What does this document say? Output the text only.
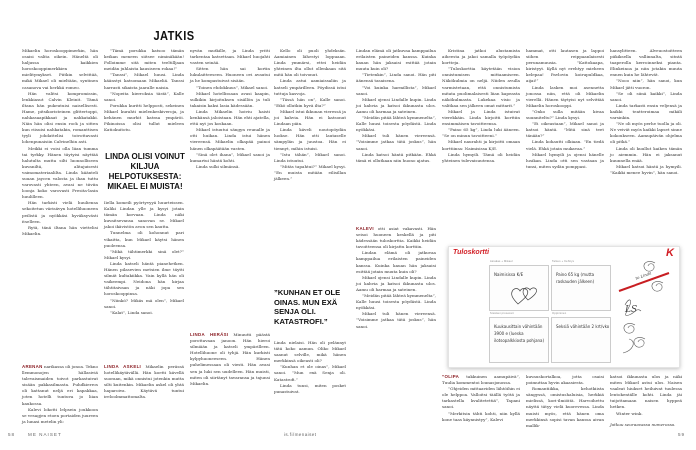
JATKIS

Mikaelin horoskooppimerkin, hän osaisi valita oikein. Häneltä oli haljussa kaikkien horoskooppimerkkien mielitymykset. Piitkin selvittää, mikä Mikael oli mieltään, syntinen casanova vai herkkä romeo.

Hän valitsi kompromissin, lenkkiasut Calvin Kleinit. Tämä iltana hän pukeutuisi naisellisesti. Hame, pitsikoristeinen glittertoppi, nahkasaapikkaat ja nahkatakki. Näin hän olisi ensin rock ja sitten kun riisuisi nahkatakin, romanttisen tyyli johdattelisi toivottavasti lohenpunaisiin Calvinelhin asti.

Meikki ei voisi olla liian tumma tai tyrkky. Hänen täytyisi näyttää halutulta mutta silti luonnolliseen kuvaniltä, alitajuisesti vaimomateriaalilta. Linda käänteli suuan jaycen valosta ja ihan tuttu varovasti yhteen, avasi ne tiiviin loonja koko varovasti Fresita-lasin huulilleen.

Hän tarkisti vielä huuliensa sekoitetun värisävyn hotellihuoneen peilistä ja nyökkäsi hyväksyvästi itselleen.

Rytä, tänä iltana hän viettelisi Mikaelin.

ARENAN narikassa oli jonoa. Tekno llemmonojen hällasiviä talevaismaiden toivot parkastuivat sisään pakkasilmasta. Puhdkierros oli kattanut neljä eri kapakkaa, joten hotelli tuntuva jo liian kaukossa.

Kalevi lokotti lelpsein joukkoon se vesagjen etoen portaiden juureen ja lunasi metelin yli:

”Tämä porukka katsoo tämän keikan meneen siitsee niminäkään! Folloimme sitä miten teeltilljaan meidän juhlaista kausiseen rokaa!”

”Tanssi”, Mikael huusi. Linda käänstyi katsomaan Mikaeliä. Tanssi harrasti sikaista jaaralle naisia.

”Nopeita kierroksia tästä”, Kalle sanoi.

Porukka kuritti helpposti, sekeinen Mikael kurahti mielenkeskiveroja, ja kehänen murhit katraa ympäröi. Pikinoissa olisi tullut mieleen Katiokuitotu.

LINDA OLISI VOINUT KILJUA HELPOTUKSESTA: MIKAEL EI MUISTA!

Iiella komeili pyörtyvyyä huurteissen. Kaliki Lindan ylle ja kysyi jotain tämän korvaan. Linda näki kuvaitsevansa sanovan se. Mikael jakoi ikävistön avon sen kautta.

Tunnelma oli kohonnut pari vikaitta, kun Mikael käytsi hänen puoleensa.

”Mikä tähtimerkki sinä olet?” Mikael kysyi.

Linda katseli häntä pianehetken. Hänen pilasevien metsien ilme täytti silmät kultakiikka. Vain kyllä hän oli vaikeempi. Neidona hän kirjaa tähtitaivaan ja näki jopa sen horoskooppinsa.

”Niinkö? Mikäs mä olen”, Mikael sanoi.

”Kalat”, Linda sanoi.

LINDA ASKELI Mikaelin perässä hotellikäytävällä. Hän koetti kävellä suoraan, mikä onnistui jotenkin mutta silti kuitenkin. Mikaelin askel oli yhtä haparoiva. Käytävä tuntui ireloolmmattomalta.

nyvän mutkille, ja Linda yritti tarkentaa katsettaan. Mikael huojahti vasten seinää.

Sitten hän sai kortin lukulaitteeseen. Huoneen ovi avautui ja he kompastuivat sisään.

”Toinen ehdokkuus”, Mikael sanoi.

Mikael hotellissaan avasi kaapin, sulkikin kirjoituksen sisällön ja tuli takaisin kaksi lasia kädessään.

Linda Mikaelin hoiviu haisti kenkänsä jaloistaan. Hän ehti ajatella, että nyt jos koskaan.

Mikael istuutui sängyn reunalle ja otti huikan. Linda istui hänen viereensä. Mikaelin olkapää painoi hänen olkapäätään vasten.

”Sinä olet ihana”, Mikael sanoi ja kumartui häntä kohti.

Linda sulki silmänsä.

LINDA HERÄSI Minuutti päästä porottavaan janoon. Hän hieroi silmiään ja katseli ympärilleen. Hotellihuone oli tyhjä. Hän kurkisti kylpyhuoneeseen. Hänen puhelimessaan oli viesti. Hän avasi sen ja luki sen uudelleen. Hän muisti, miten oli siirtänyt tavaransa ja tajunsi Mikaelin.

Kello oli puoli yhdeksän. Aamiainen lähestyi loppuaan. Linda ymmärsi, ettei heidän yhteinen ilta ollut ollenkaan sitä mitä hän oli toivonut.

Linda astui aamiaissaliin ja katseli ympärilleen. Pöydissä istui tuttuja kasvoja.

”Tässä hän on”, Kalle sanoi. ”Eikö ollutkin hyvä ilta?”

Mikael istui ikkunan vieressä ja joi kahvia. Hän ei katsonut Lindaan päin.

Linda käveli noutopöydän luokse. Hän otti lautaselle sämpylän ja juustoa. Hän ei tiennyt, mihin istuisi.

”Istu tähän”, Mikael sanoi. Linda istuutui.

”Mitäs tapahtui?” Mikael kysyi. ”En muista mitään eilisillan jälkeen.”

”KUNHAN ET OLE OINAS. MUN EXÄ SENJA OLI. KATASTROFI.”

Linda nielaisi. Hän oli pelännyt tätä koko aamun. Oliko Mikael saanut selville, mikä hänen merkkinsä oikeasti oli?

”Kunhan et ole oinas”, Mikael sanoi. ”Mun exä Senja oli. Katastrofi.”

Linda tunsi, miten posket punastuivat.

Lindan elämä oli jatkuvaa kamppailua erilaisten paineiden kanssa. Kuinka kauan hän jaksaisi esittää jotain muuta kuin oli?

”Tietenkin”, Linda sanoi. Hän piti äänensä tasaisena.

”Voi kuinka harmillista”, Mikael sanoi.

Mikael ojensi Lindalle kupin. Linda joi kahvia ja katsoi ikkunasta ulos. Aamu oli harmaa ja sateinen.

”Meidän pitää lähteä kymmenelta”, Kalle huusi toisesta pöydästä. Linda nyökkäsi.

Mikael tuli hänen viereensä. ”Voisimme jatkaa tätä joskus”, hän sanoi.

Linda katsoi häntä pitkään. Ehkä tämä ei ollutkaan niin huono ajatus.

KALEVI otti asiat vakavasti. Hän seisoi huoneen keskellä ja piti kädessään tuloskorttia. Kaikki heidän tavoitteensa oli kirjattu korttiin.

Lindan elämä oli jatkuvaa kamppailua erilaisten paineiden kanssa. Kuinka kauan hän jaksaisi esittää jotain muuta kuin oli?

Mikael ojensi Lindalle kupin. Linda joi kahvia ja katsoi ikkunasta ulos. Aamu oli harmaa ja sateinen.

”Meidän pitää lähteä kymmenelta”, Kalle huusi toisesta pöydästä. Linda nyökkäsi.

Mikael tuli hänen viereensä. ”Voisimme jatkaa tätä joskus”, hän sanoi.

Kristina jatkoi alustamista aiheesta ja jakoi samalla työpöydän kortteja.

”Tuloskorttia käytetään vision onnistumisen mittaamiseen. Näkökulmia on neljä. Niiden avulla varmistetaan, että onnistumista mitata puolimalaisesti liian kapeasta näkökulmasta. Lukekaa visio ja valitkaa sen jälkeen omat mittarit.”

Mikael ja Linda istuivat vierekkäin. Linda kirjoitti korttiin ensimmäisen tavoitteensa.

”Paino 65 kg”, Linda luki ääneen. ”Se on minun tavoitteeni.”

Mikael naurahti ja kirjoitti omaan korttiinsa: Naimisissa K/E.

Linda hymyili. Tämä oli heidän yhteinen tulevaisuutensa.

hammat, otti lautasen ja lappoi siihen reippaanlaisesti perunamuusia. ”Kattokaapa, kiristyyt. Kyllä nyt erehtyy mieheen kelepaa! Pavlovin koirupuldkaa, aijai!”

Linda lasken moi asennetta jonossa niin, että oli Mikaelin vierellä. Hänen täytyisi nyt selvittää Mikaelin horoskooppi.

”Onko sulla mitään kivaa suunniteltu?” Linda kysyi.

”Ei oikeastaan”, Mikael sanoi ja katsoi häntä. ”Mitä sinä teet tänään?”

Linda kohautti olkiaan. ”En tiedä vielä. Ehkä jotain mukavaa.”

Mikael hymyili ja ojensi hänelle lusikan. Linda otti sen vastaan ja tunsi, miten sydän pomppasi.

hansylitteen. Alveuostoitteen piikiksella vallinnalta, sitntä taaperolla kerroinneksi pianta. Elinkeinoa ja niin jotakin muuta ennen kuin he lähtevät.

”Nooo niin”, hän sanoi, kun Mikael jätti vuoron.

”Se oli siinä kaikki”, Linda sanoi.

Linda tarkasti ensin veljensä ja kaikki teatteroimaa mikäli varsinkin.

”Ne oli myös perhe tuolla ja oli. Ne veivät myös kaikki lapset sinne kokoukseen. Aamupäivän ohjelma oli pitkä.”

Linda oli kuullut kaiken tämän jo aiemmin. Hän ei jaksanut kuunnella enää.

Mikael katsoi häntä ja hymyili. ”Kaikki menee hyvin”, hän sanoi.

Tuloskortti	K
Asiakas + Mikael
Naimisissa K/E
Talous + Kehitys
Paino 65 kg (mutta raskauden jälkeen)
Sisäiset prosessit
Kuukausittain vähintään 3900 e (lueska ilotsopalkkiosta pohjana)
Oppiminen
Seksiä vähintään 2 krt/vko
to Linda
LS

”OLIPA takkuinen aamupäivä”, Tuulia kommentoi lounasjonossa.

”Ohjeiden mittaaviden lähtöihin ei ole helppoa. Valloitsi täällä työtä ja tarkastella kvalitetettiä”, Tapani sanoi.

”Merkitsin tähti kohti, niin kyllä kone taas käynnistyy”, Kalevi

kuvauskortalkoa, jotta osaisi poimuttaa hyvin akaasiesta.

Romantiikka, kehotkiista sängyssä, omistushaluisia, herkkiä mielissä, kori-ilmiöitä. Harvoihettu näyttä tätyy vielä kuorevessa. Linda muisti myös, että hänen oma merkkinsä sopisi tavan kanssa aivan mallik-

katsoi ikkunasta ulos ja näki miten Mikael astui ulos. Naisen vaaleat hiukset heiluivat tuulessa lentokentälle kohti. Linda jäi tuijottamaan naisen hyppeä hetken.

Winter wink.

Jatkuu seuraavassa numerossa.

58	ME NAISET	is.fi/menaiset	59
